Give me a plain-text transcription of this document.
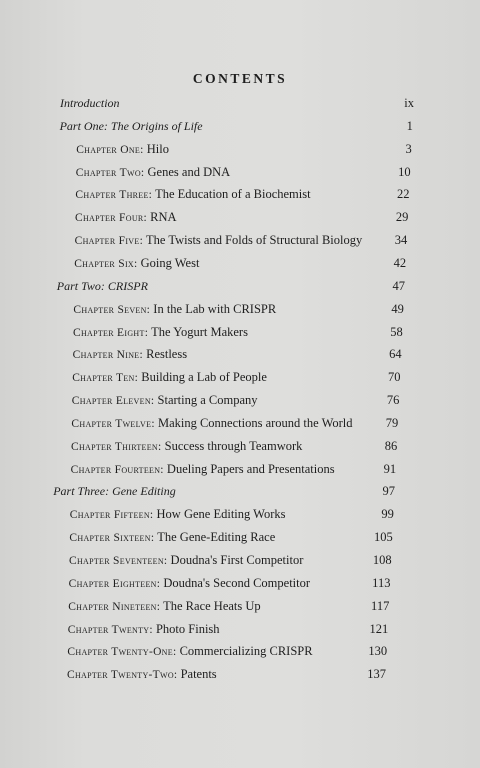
CONTENTS
Introduction	ix
Part One: The Origins of Life	1
Chapter One: Hilo	3
Chapter Two: Genes and DNA	10
Chapter Three: The Education of a Biochemist	22
Chapter Four: RNA	29
Chapter Five: The Twists and Folds of Structural Biology	34
Chapter Six: Going West	42
Part Two: CRISPR	47
Chapter Seven: In the Lab with CRISPR	49
Chapter Eight: The Yogurt Makers	58
Chapter Nine: Restless	64
Chapter Ten: Building a Lab of People	70
Chapter Eleven: Starting a Company	76
Chapter Twelve: Making Connections around the World	79
Chapter Thirteen: Success through Teamwork	86
Chapter Fourteen: Dueling Papers and Presentations	91
Part Three: Gene Editing	97
Chapter Fifteen: How Gene Editing Works	99
Chapter Sixteen: The Gene-Editing Race	105
Chapter Seventeen: Doudna's First Competitor	108
Chapter Eighteen: Doudna's Second Competitor	113
Chapter Nineteen: The Race Heats Up	117
Chapter Twenty: Photo Finish	121
Chapter Twenty-One: Commercializing CRISPR	130
Chapter Twenty-Two: Patents	137
